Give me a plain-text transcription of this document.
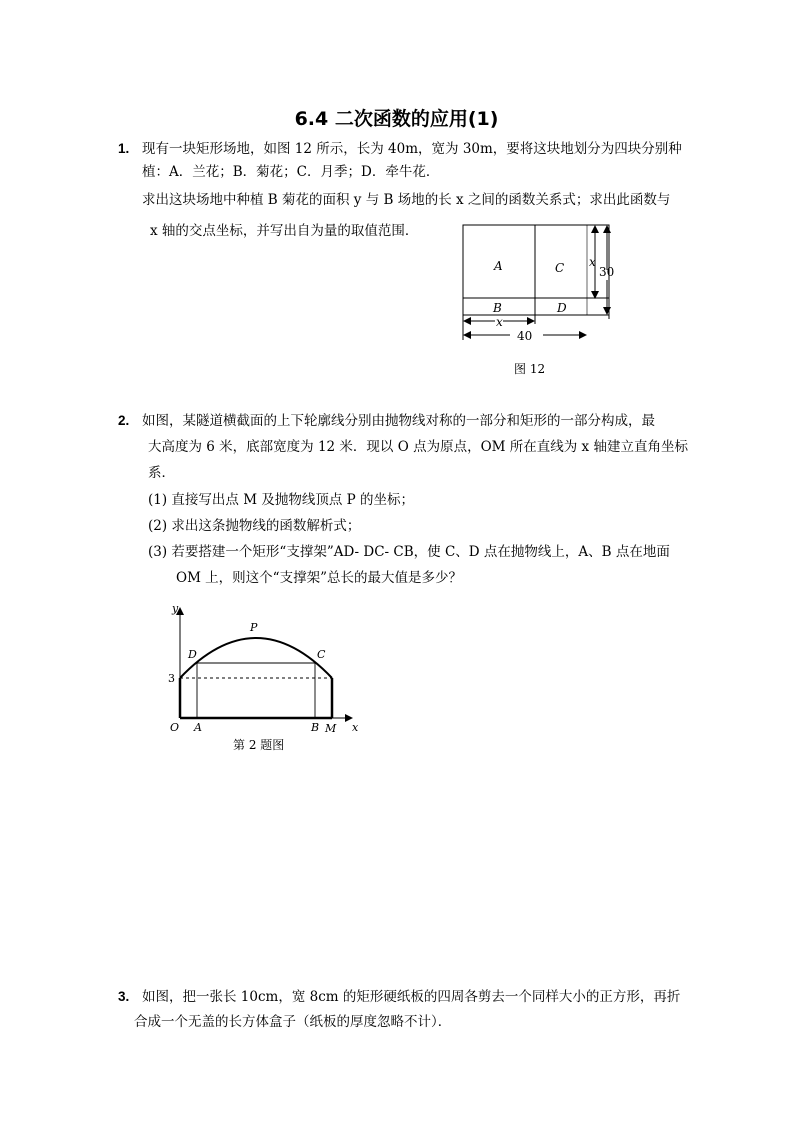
6.4 二次函数的应用(1)
1. 现有一块矩形场地，如图 12 所示，长为 40m，宽为 30m，要将这块地划分为四块分别种
植：A．兰花；B．菊花；C．月季；D．牵牛花．
求出这块场地中种植 B 菊花的面积 y 与 B 场地的长 x 之间的函数关系式；求出此函数与
x 轴的交点坐标，并写出自为量的取值范围．
A	C
B	D
x
30
x
40
图 12
2. 如图，某隧道横截面的上下轮廓线分别由抛物线对称的一部分和矩形的一部分构成，最
大高度为 6 米，底部宽度为 12 米．现以 O 点为原点，OM 所在直线为 x 轴建立直角坐标
系．
(1) 直接写出点 M 及抛物线顶点 P 的坐标；
(2) 求出这条抛物线的函数解析式；
(3) 若要搭建一个矩形“支撑架”AD- DC- CB，使 C、D 点在抛物线上，A、B 点在地面
OM 上，则这个“支撑架”总长的最大值是多少？
y
x
P
D	C
3
O A	B M
第 2 题图
3. 如图，把一张长 10cm，宽 8cm 的矩形硬纸板的四周各剪去一个同样大小的正方形，再折
合成一个无盖的长方体盒子（纸板的厚度忽略不计）．
